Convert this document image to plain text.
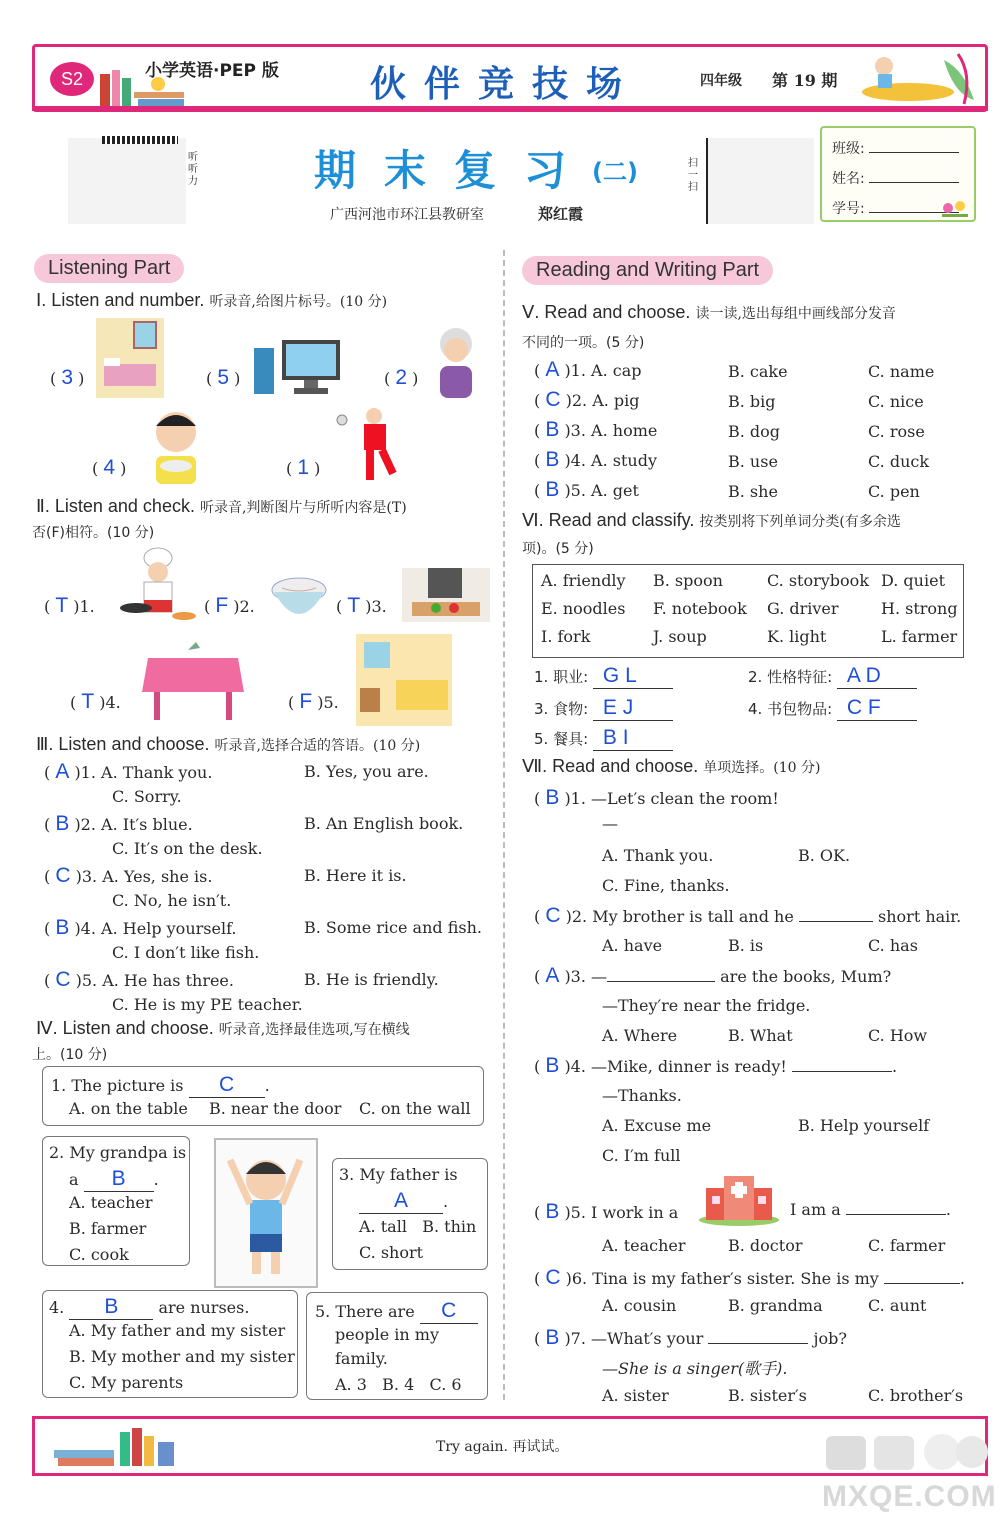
S2	小学英语·PEP 版	伙伴竞技场	四年级 第 19 期
听听力	期末复习
(二)
广西河池市环江县教研室	郑红霞
扫一扫
班级:
姓名:
学号:
Listening Part
Ⅰ. Listen and number. 听录音,给图片标号。(10 分)
( 3 )	( 5 )	( 2 )
( 4 )	( 1 )
Ⅱ. Listen and check. 听录音,判断图片与所听内容是(T)
否(F)相符。(10 分)
( T )1.	( F )2.	( T )3.
( T )4.	( F )5.
Ⅲ. Listen and choose. 听录音,选择合适的答语。(10 分)
( A )1. A. Thank you.	B. Yes, you are.
C. Sorry.
( B )2. A. It′s blue.	B. An English book.
C. It′s on the desk.
( C )3. A. Yes, she is.	B. Here it is.
C. No, he isn′t.
( B )4. A. Help yourself.	B. Some rice and fish.
C. I don′t like fish.
( C )5. A. He has three.	B. He is friendly.
C. He is my PE teacher.
Ⅳ. Listen and choose. 听录音,选择最佳选项,写在横线
上。(10 分)
1. The picture is C .
A. on the table B. near the door C. on the wall
2. My grandpa is
a B .
A. teacher
B. farmer
C. cook
3. My father is
A .
A. tall B. thin
C. short
4. B	are nurses.
A. My father and my sister
B. My mother and my sister
C. My parents
5. There are C
people in my
family.
A. 3   B. 4   C. 6
Reading and Writing Part
Ⅴ. Read and choose. 读一读,选出每组中画线部分发音
不同的一项。(5 分)
( A )1. A. cap	B. cake	C. name
( C )2. A. pig	B. big	C. nice
( B )3. A. home	B. dog	C. rose
( B )4. A. study	B. use	C. duck
( B )5. A. get	B. she	C. pen
Ⅵ. Read and classify. 按类别将下列单词分类(有多余选
项)。(5 分)
A. friendly B. spoon	C. storybook D. quiet
E. noodles F. notebook G. driver	H. strong
I. fork	J. soup	K. light	L. farmer
1. 职业: G L	2. 性格特征: A D
3. 食物: E J	4. 书包物品: C F
5. 餐具: B I
Ⅶ. Read and choose. 单项选择。(10 分)
( B )1. —Let′s clean the room!
—
A. Thank you.	B. OK.
C. Fine, thanks.
( C )2. My brother is tall and he	short hair.
A. have	B. is	C. has
( A )3. —	are the books, Mum?
—They′re near the fridge.
A. Where	B. What	C. How
( B )4. —Mike, dinner is ready!	.
—Thanks.
A. Excuse me	B. Help yourself
C. I′m full
( B )5. I work in a	I am a	.
A. teacher	B. doctor	C. farmer
( C )6. Tina is my father′s sister. She is my	.
A. cousin	B. grandma	C. aunt
( B )7. —What′s your	job?
—She is a singer(歌手).
A. sister	B. sister′s	C. brother′s
Try again. 再试试。
MXQE.COM
